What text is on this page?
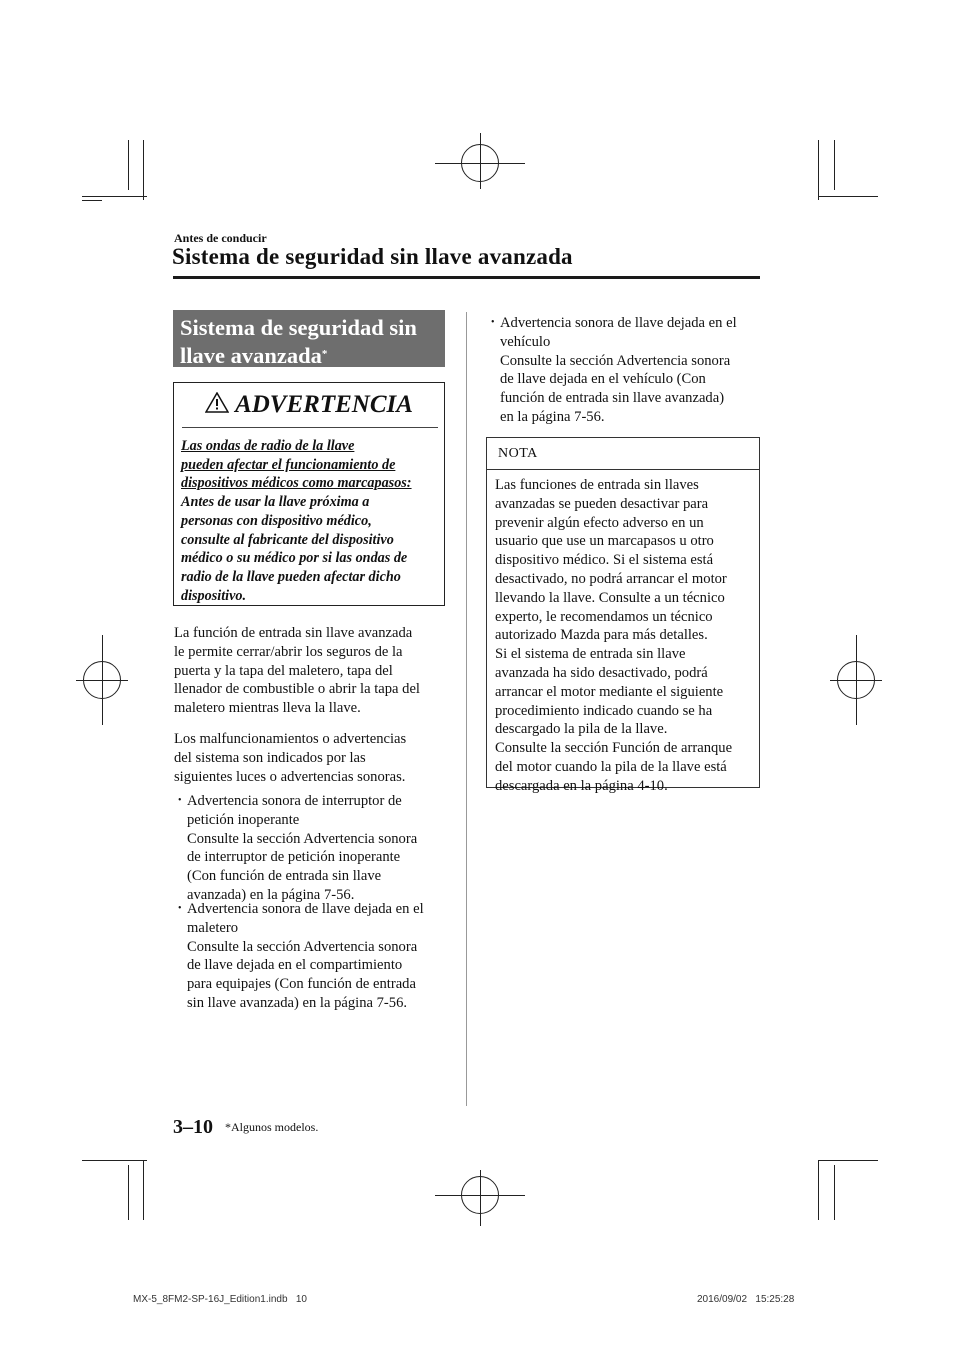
Antes de conducir
Sistema de seguridad sin llave avanzada
Sistema de seguridad sin
llave avanzada*
ADVERTENCIA
Las ondas de radio de la llave
pueden afectar el funcionamiento de
dispositivos médicos como marcapasos:
Antes de usar la llave próxima a
personas con dispositivo médico,
consulte al fabricante del dispositivo
médico o su médico por si las ondas de
radio de la llave pueden afectar dicho
dispositivo.
La función de entrada sin llave avanzada
le permite cerrar/abrir los seguros de la
puerta y la tapa del maletero, tapa del
llenador de combustible o abrir la tapa del
maletero mientras lleva la llave.
Los malfuncionamientos o advertencias
del sistema son indicados por las
siguientes luces o advertencias sonoras.
• Advertencia sonora de interruptor de
petición inoperante
Consulte la sección Advertencia sonora
de interruptor de petición inoperante
(Con función de entrada sin llave
avanzada) en la página 7-56.
• Advertencia sonora de llave dejada en el
maletero
Consulte la sección Advertencia sonora
de llave dejada en el compartimiento
para equipajes (Con función de entrada
sin llave avanzada) en la página 7-56.
• Advertencia sonora de llave dejada en el
vehículo
Consulte la sección Advertencia sonora
de llave dejada en el vehículo (Con
función de entrada sin llave avanzada)
en la página 7-56.
NOTA
Las funciones de entrada sin llaves
avanzadas se pueden desactivar para
prevenir algún efecto adverso en un
usuario que use un marcapasos u otro
dispositivo médico. Si el sistema está
desactivado, no podrá arrancar el motor
llevando la llave. Consulte a un técnico
experto, le recomendamos un técnico
autorizado Mazda para más detalles.
Si el sistema de entrada sin llave
avanzada ha sido desactivado, podrá
arrancar el motor mediante el siguiente
procedimiento indicado cuando se ha
descargado la pila de la llave.
Consulte la sección Función de arranque
del motor cuando la pila de la llave está
descargada en la página 4-10.
3–10 *Algunos modelos.
MX-5_8FM2-SP-16J_Edition1.indb   10	2016/09/02   15:25:28
